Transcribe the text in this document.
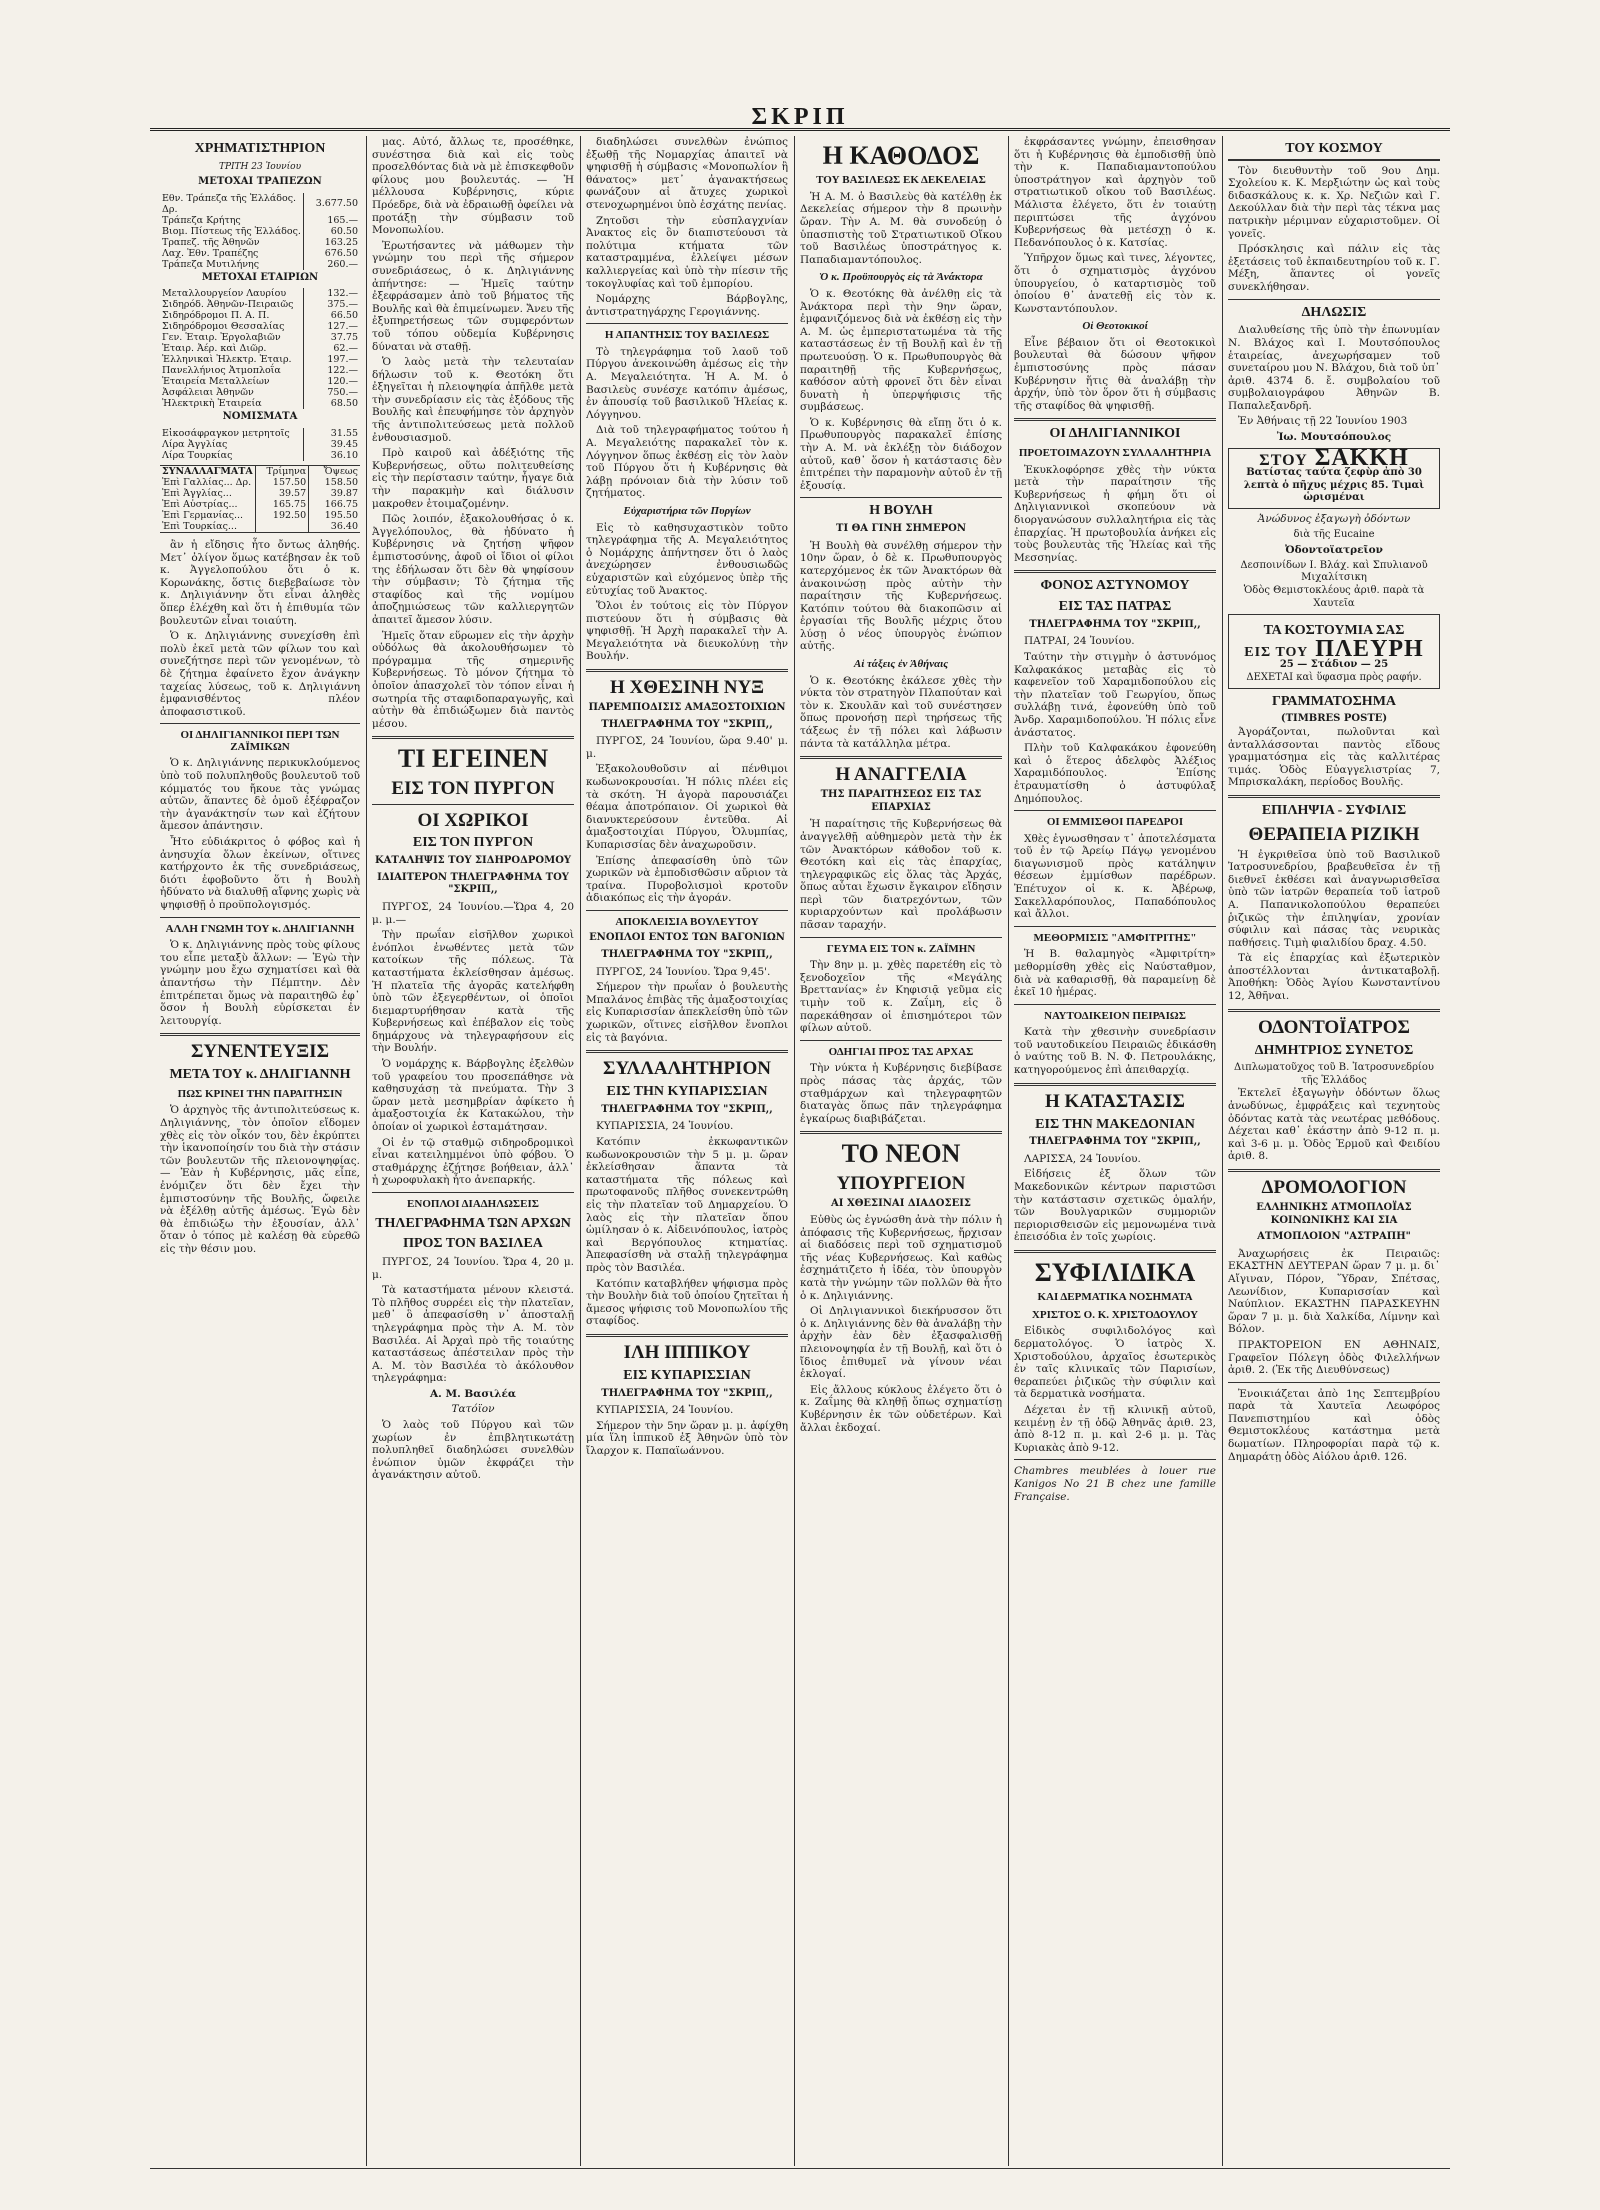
ΣΚΡΙΠ
ΧΡΗΜΑΤΙΣΤΗΡΙΟΝ
ΤΡΙΤΗ 23 Ἰουνίου
ΜΕΤΟΧΑΙ ΤΡΑΠΕΖΩΝ
Εθν. Τράπεζα τῆς Ἑλλάδος. Δρ.	3.677.50
Τράπεζα Κρήτης	165.—
Βιομ. Πίστεως τῆς Ἑλλάδος.	60.50
Τραπεζ. τῆς Ἀθηνῶν	163.25
Λαχ. Ἐθν. Τραπέζης	676.50
Τράπεζα Μυτιλήνης	260.—
ΜΕΤΟΧΑΙ ΕΤΑΙΡΙΩΝ
Μεταλλουργείον Λαυρίου	132.—
Σιδηρόδ. Ἀθηνῶν-Πειραιῶς	375.—
Σιδηρόδρομοι Π. Α. Π.	66.50
Σιδηρόδρομοι Θεσσαλίας	127.—
Γεν. Ἑταιρ. Ἐργολαβιῶν	37.75
Ἑταιρ. Ἀέρ. καὶ Διῶρ.	62.—
Ἑλληνικαὶ Ἠλεκτρ. Ἑταιρ.	197.—
Πανελλήνιος Ἀτμοπλοΐα	122.—
Ἑταιρεία Μεταλλείων	120.—
Ἀσφάλειαι Ἀθηνῶν	750.—
Ἠλεκτρικὴ Ἑταιρεία	68.50
ΝΟΜΙΣΜΑΤΑ
Εἰκοσάφραγκον μετρητοῖς	31.55
Λίρα Ἀγγλίας	39.45
Λίρα Τουρκίας	36.10
ΣΥΝΑΛΛΑΓΜΑΤΑ	Τρίμηνα	Ὄψεως
Ἐπὶ Γαλλίας... Δρ.	157.50	158.50
Ἐπὶ Ἀγγλίας...	39.57	39.87
Ἐπὶ Αὐστρίας...	165.75	166.75
Ἐπὶ Γερμανίας...	192.50	195.50
Ἐπὶ Τουρκίας...		36.40

ἂν ἡ εἴδησις ἦτο ὄντως ἀληθής. Μετ᾽ ὀλίγον ὅμως κατέβησαν ἐκ τοῦ κ. Ἀγγελοπούλου ὅτι ὁ κ. Κορωνάκης, ὅστις διεβεβαίωσε τὸν κ. Δηλιγιάννην ὅτι εἶναι ἀληθὲς ὅπερ ἐλέχθη καὶ ὅτι ἡ ἐπιθυμία τῶν βουλευτῶν εἶναι τοιαύτη.

Ὁ κ. Δηλιγιάννης συνεχίσθη ἐπὶ πολὺ ἐκεῖ μετὰ τῶν φίλων του καὶ συνεζήτησε περὶ τῶν γενομένων, τὸ δὲ ζήτημα ἐφαίνετο ἔχον ἀνάγκην ταχείας λύσεως, τοῦ κ. Δηλιγιάννη ἐμφανισθέντος πλέον ἀποφασιστικοῦ.

ΟΙ ΔΗΛΙΓΙΑΝΝΙΚΟΙ ΠΕΡΙ ΤΩΝ ΖΑΪΜΙΚΩΝ

Ὁ κ. Δηλιγιάννης περικυκλούμενος ὑπὸ τοῦ πολυπληθοῦς βουλευτοῦ τοῦ κόμματός του ἤκουε τὰς γνώμας αὐτῶν, ἅπαντες δὲ ὁμοῦ ἐξέφραζον τὴν ἀγανάκτησίν των καὶ ἐζήτουν ἄμεσον ἀπάντησιν.

Ἦτο εὐδιάκριτος ὁ φόβος καὶ ἡ ἀνησυχία ὅλων ἐκείνων, οἵτινες κατήρχοντο ἐκ τῆς συνεδριάσεως, διότι ἐφοβοῦντο ὅτι ἡ Βουλὴ ἠδύνατο νὰ διαλυθῇ αἴφνης χωρὶς νὰ ψηφισθῇ ὁ προϋπολογισμός.

ΑΛΛΗ ΓΝΩΜΗ ΤΟΥ κ. ΔΗΛΙΓΙΑΝΝΗ

Ὁ κ. Δηλιγιάννης πρὸς τοὺς φίλους του εἶπε μεταξὺ ἄλλων: — Ἐγὼ τὴν γνώμην μου ἔχω σχηματίσει καὶ θὰ ἀπαντήσω τὴν Πέμπτην. Δὲν ἐπιτρέπεται ὅμως νὰ παραιτηθῶ ἐφ᾽ ὅσον ἡ Βουλὴ εὑρίσκεται ἐν λειτουργίᾳ.

ΣΥΝΕΝΤΕΥΞΙΣ
ΜΕΤΑ ΤΟΥ κ. ΔΗΛΙΓΙΑΝΝΗ
ΠΩΣ ΚΡΙΝΕΙ ΤΗΝ ΠΑΡΑΙΤΗΣΙΝ

Ὁ ἀρχηγὸς τῆς ἀντιπολιτεύσεως κ. Δηλιγιάννης, τὸν ὁποῖον εἴδομεν χθὲς εἰς τὸν οἶκόν του, δὲν ἐκρύπτει τὴν ἱκανοποίησίν του διὰ τὴν στάσιν τῶν βουλευτῶν τῆς πλειονοψηφίας. — Ἐὰν ἡ Κυβέρνησις, μᾶς εἶπε, ἐνόμιζεν ὅτι δὲν ἔχει τὴν ἐμπιστοσύνην τῆς Βουλῆς, ὤφειλε νὰ ἐξέλθῃ αὐτῆς ἀμέσως. Ἐγὼ δὲν θὰ ἐπιδιώξω τὴν ἐξουσίαν, ἀλλ᾽ ὅταν ὁ τόπος μὲ καλέσῃ θὰ εὑρεθῶ εἰς τὴν θέσιν μου.

μας. Αὐτό, ἄλλως τε, προσέθηκε, συνέστησα διὰ καὶ εἰς τοὺς προσελθόντας διὰ νὰ μὲ ἐπισκεφθοῦν φίλους μου βουλευτάς. — Ἡ μέλλουσα Κυβέρνησις, κύριε Πρόεδρε, διὰ νὰ ἐδραιωθῇ ὀφείλει νὰ προτάξῃ τὴν σύμβασιν τοῦ Μονοπωλίου.

Ἐρωτήσαντες νὰ μάθωμεν τὴν γνώμην του περὶ τῆς σήμερον συνεδριάσεως, ὁ κ. Δηλιγιάννης ἀπήντησε: — Ἡμεῖς ταύτην ἐξεφράσαμεν ἀπὸ τοῦ βήματος τῆς Βουλῆς καὶ θὰ ἐπιμείνωμεν. Ἄνευ τῆς ἐξυπηρετήσεως τῶν συμφερόντων τοῦ τόπου οὐδεμία Κυβέρνησις δύναται νὰ σταθῇ.

Ὁ λαὸς μετὰ τὴν τελευταίαν δήλωσιν τοῦ κ. Θεοτόκη ὅτι ἐξηγεῖται ἡ πλειοψηφία ἀπῆλθε μετὰ τὴν συνεδρίασιν εἰς τὰς ἐξόδους τῆς Βουλῆς καὶ ἐπευφήμησε τὸν ἀρχηγὸν τῆς ἀντιπολιτεύσεως μετὰ πολλοῦ ἐνθουσιασμοῦ.

Πρὸ καιροῦ καὶ ἀδέξιότης τῆς Κυβερνήσεως, οὕτω πολιτευθείσης εἰς τὴν περίστασιν ταύτην, ἦγαγε διὰ τὴν παρακμὴν καὶ διάλυσιν μακροθεν ἑτοιμαζομένην.

Πῶς λοιπόν, ἐξακολουθήσας ὁ κ. Ἀγγελόπουλος, θὰ ἠδύνατο ἡ Κυβέρνησις νὰ ζητήσῃ ψῆφον ἐμπιστοσύνης, ἀφοῦ οἱ ἴδιοι οἱ φίλοι της ἐδήλωσαν ὅτι δὲν θὰ ψηφίσουν τὴν σύμβασιν; Τὸ ζήτημα τῆς σταφίδος καὶ τῆς νομίμου ἀποζημιώσεως τῶν καλλιεργητῶν ἀπαιτεῖ ἄμεσον λύσιν.

Ἡμεῖς ὅταν εὕρωμεν εἰς τὴν ἀρχὴν οὐδόλως θὰ ἀκολουθήσωμεν τὸ πρόγραμμα τῆς σημερινῆς Κυβερνήσεως. Τὸ μόνον ζήτημα τὸ ὁποῖον ἀπασχολεῖ τὸν τόπον εἶναι ἡ σωτηρία τῆς σταφιδοπαραγωγῆς, καὶ αὐτὴν θὰ ἐπιδιώξωμεν διὰ παντὸς μέσου.

ΤΙ ΕΓΕΙΝΕΝ
ΕΙΣ ΤΟΝ ΠΥΡΓΟΝ
ΟΙ ΧΩΡΙΚΟΙ
ΕΙΣ ΤΟΝ ΠΥΡΓΟΝ
ΚΑΤΑΛΗΨΙΣ ΤΟΥ ΣΙΔΗΡΟΔΡΟΜΟΥ
ΙΔΙΑΙΤΕΡΟΝ ΤΗΛΕΓΡΑΦΗΜΑ ΤΟΥ "ΣΚΡΙΠ,,

ΠΥΡΓΟΣ, 24 Ἰουνίου.—Ὥρα 4, 20 μ. μ.—

Τὴν πρωΐαν εἰσῆλθον χωρικοὶ ἐνόπλοι ἐνωθέντες μετὰ τῶν κατοίκων τῆς πόλεως. Τὰ καταστήματα ἐκλείσθησαν ἀμέσως. Ἡ πλατεῖα τῆς ἀγορᾶς κατελήφθη ὑπὸ τῶν ἐξεγερθέντων, οἱ ὁποῖοι διεμαρτυρήθησαν κατὰ τῆς Κυβερνήσεως καὶ ἐπέβαλον εἰς τοὺς δημάρχους νὰ τηλεγραφήσουν εἰς τὴν Βουλήν.

Ὁ νομάρχης κ. Βάρβογλης ἐξελθὼν τοῦ γραφείου του προσεπάθησε νὰ καθησυχάσῃ τὰ πνεύματα. Τὴν 3 ὥραν μετὰ μεσημβρίαν ἀφίκετο ἡ ἀμαξοστοιχία ἐκ Κατακώλου, τὴν ὁποίαν οἱ χωρικοὶ ἐσταμάτησαν.

Οἱ ἐν τῷ σταθμῷ σιδηροδρομικοὶ εἶναι κατειλημμένοι ὑπὸ φόβου. Ὁ σταθμάρχης ἐζήτησε βοήθειαν, ἀλλ᾽ ἡ χωροφυλακὴ ἦτο ἀνεπαρκής.

ΕΝΟΠΛΟΙ ΔΙΑΔΗΛΩΣΕΙΣ
ΤΗΛΕΓΡΑΦΗΜΑ ΤΩΝ ΑΡΧΩΝ
ΠΡΟΣ ΤΟΝ ΒΑΣΙΛΕΑ

ΠΥΡΓΟΣ, 24 Ἰουνίου. Ὥρα 4, 20 μ. μ.

Τὰ καταστήματα μένουν κλειστά. Τὸ πλῆθος συρρέει εἰς τὴν πλατεῖαν, μεθ᾽ ὃ ἀπεφασίσθη ν᾽ ἀποσταλῇ τηλεγράφημα πρὸς τὴν Α. Μ. τὸν Βασιλέα. Αἱ Ἀρχαὶ πρὸ τῆς τοιαύτης καταστάσεως ἀπέστειλαν πρὸς τὴν Α. Μ. τὸν Βασιλέα τὸ ἀκόλουθον τηλεγράφημα:

Α. Μ. Βασιλέα
Τατόϊον

Ὁ λαὸς τοῦ Πύργου καὶ τῶν χωρίων ἐν ἐπιβλητικωτάτῃ πολυπληθεῖ διαδηλώσει συνελθὼν ἐνώπιον ὑμῶν ἐκφράζει τὴν ἀγανάκτησιν αὐτοῦ.

διαδηλώσει συνελθὼν ἐνώπιος ἐξωθῇ τῆς Νομαρχίας ἀπαιτεῖ νὰ ψηφισθῇ ἡ σύμβασις «Μονοπωλίον ἢ θάνατος» μετ᾽ ἀγανακτήσεως φωνάζουν αἱ ἄτυχες χωρικοὶ στενοχωρημένοι ὑπὸ ἐσχάτης πενίας.

Ζητοῦσι τὴν εὐσπλαγχνίαν Ἀνακτος εἰς ὃν διαπιστεύουσι τὰ πολύτιμα κτήματα τῶν καταστραμμένα, ἐλλείψει μέσων καλλιεργείας καὶ ὑπὸ τὴν πίεσιν τῆς τοκογλυφίας καὶ τοῦ ἐμπορίου.

Νομάρχης Βάρβογλης, ἀντιστρατηγάρχης Γερογιάννης.

Η ΑΠΑΝΤΗΣΙΣ ΤΟΥ ΒΑΣΙΛΕΩΣ

Τὸ τηλεγράφημα τοῦ λαοῦ τοῦ Πύργου ἀνεκοινώθη ἀμέσως εἰς τὴν Α. Μεγαλειότητα. Ἡ Α. Μ. ὁ Βασιλεὺς συνέσχε κατόπιν ἀμέσως, ἐν ἀπουσίᾳ τοῦ βασιλικοῦ Ἠλείας κ. Λόγγηνου.

Διὰ τοῦ τηλεγραφήματος τούτου ἡ Α. Μεγαλειότης παρακαλεῖ τὸν κ. Λόγγηνον ὅπως ἐκθέσῃ εἰς τὸν λαὸν τοῦ Πύργου ὅτι ἡ Κυβέρνησις θὰ λάβῃ πρόνοιαν διὰ τὴν λύσιν τοῦ ζητήματος.

Εὐχαριστήρια τῶν Πυργίων

Εἰς τὸ καθησυχαστικὸν τοῦτο τηλεγράφημα τῆς Α. Μεγαλειότητος ὁ Νομάρχης ἀπήντησεν ὅτι ὁ λαὸς ἀνεχώρησεν ἐνθουσιωδῶς εὐχαριστῶν καὶ εὐχόμενος ὑπὲρ τῆς εὐτυχίας τοῦ Ἀνακτος.

Ὅλοι ἐν τούτοις εἰς τὸν Πύργον πιστεύουν ὅτι ἡ σύμβασις θὰ ψηφισθῇ. Ἡ Ἀρχὴ παρακαλεῖ τὴν Α. Μεγαλειότητα νὰ διευκολύνῃ τὴν Βουλήν.

Η ΧΘΕΣΙΝΗ ΝΥΞ
ΠΑΡΕΜΠΟΔΙΣΙΣ ΑΜΑΞΟΣΤΟΙΧΙΩΝ
ΤΗΛΕΓΡΑΦΗΜΑ ΤΟΥ "ΣΚΡΙΠ,,

ΠΥΡΓΟΣ, 24 Ἰουνίου, ὥρα 9.40' μ. μ.

Ἐξακολουθοῦσιν αἱ πένθιμοι κωδωνοκρουσίαι. Ἡ πόλις πλέει εἰς τὰ σκότη. Ἡ ἀγορὰ παρουσιάζει θέαμα ἀποτρόπαιον. Οἱ χωρικοὶ θὰ διανυκτερεύσουν ἐντεῦθα. Αἱ ἀμαξοστοιχίαι Πύργου, Ὀλυμπίας, Κυπαρισσίας δὲν ἀναχωροῦσιν.

Ἐπίσης ἀπεφασίσθη ὑπὸ τῶν χωρικῶν νὰ ἐμποδισθῶσιν αὔριον τὰ τραίνα. Πυροβολισμοὶ κροτοῦν ἀδιακόπως εἰς τὴν ἀγοράν.

ΑΠΟΚΛΕΙΣΙΑ ΒΟΥΛΕΥΤΟΥ
ΕΝΟΠΛΟΙ ΕΝΤΟΣ ΤΩΝ ΒΑΓΟΝΙΩΝ
ΤΗΛΕΓΡΑΦΗΜΑ ΤΟΥ "ΣΚΡΙΠ,,

ΠΥΡΓΟΣ, 24 Ἰουνίου. Ὥρα 9,45'.

Σήμερον τὴν πρωΐαν ὁ βουλευτὴς Μπαλάνος ἐπιβὰς τῆς ἀμαξοστοιχίας εἰς Κυπαρισσίαν ἀπεκλείσθη ὑπὸ τῶν χωρικῶν, οἵτινες εἰσῆλθον ἔνοπλοι εἰς τὰ βαγόνια.

ΣΥΛΛΑΛΗΤΗΡΙΟΝ
ΕΙΣ ΤΗΝ ΚΥΠΑΡΙΣΣΙΑΝ
ΤΗΛΕΓΡΑΦΗΜΑ ΤΟΥ "ΣΚΡΙΠ,,

ΚΥΠΑΡΙΣΣΙΑ, 24 Ἰουνίου.

Κατόπιν ἐκκωφαντικῶν κωδωνοκρουσιῶν τὴν 5 μ. μ. ὥραν ἐκλείσθησαν ἅπαντα τὰ καταστήματα τῆς πόλεως καὶ πρωτοφανοῦς πλῆθος συνεκεντρώθη εἰς τὴν πλατεῖαν τοῦ Δημαρχείου. Ὁ λαὸς εἰς τὴν πλατεῖαν ὅπου ὡμίλησαν ὁ κ. Αἰδεινόπουλος, ἰατρὸς καὶ Βεργόπουλος κτηματίας. Ἀπεφασίσθη νὰ σταλῇ τηλεγράφημα πρὸς τὸν Βασιλέα.

Κατόπιν καταβλήθεν ψήφισμα πρὸς τὴν Βουλὴν διὰ τοῦ ὁποίου ζητεῖται ἡ ἄμεσος ψήφισις τοῦ Μονοπωλίου τῆς σταφίδος.

ΙΛΗ ΙΠΠΙΚΟΥ
ΕΙΣ ΚΥΠΑΡΙΣΣΙΑΝ
ΤΗΛΕΓΡΑΦΗΜΑ ΤΟΥ "ΣΚΡΙΠ,,

ΚΥΠΑΡΙΣΣΙΑ, 24 Ἰουνίου.

Σήμερον τὴν 5ην ὥραν μ. μ. ἀφίχθη μία ἵλη ἱππικοῦ ἐξ Ἀθηνῶν ὑπὸ τὸν ἴλαρχον κ. Παπαϊωάννου.

Η ΚΑΘΟΔΟΣ
ΤΟΥ ΒΑΣΙΛΕΩΣ ΕΚ ΔΕΚΕΛΕΙΑΣ

Ἡ Α. Μ. ὁ Βασιλεὺς θὰ κατέλθῃ ἐκ Δεκελείας σήμερον τὴν 8 πρωινὴν ὥραν. Τὴν Α. Μ. θὰ συνοδεύῃ ὁ ὑπασπιστὴς τοῦ Στρατιωτικοῦ Οἴκου τοῦ Βασιλέως ὑποστράτηγος κ. Παπαδιαμαντόπουλος.

Ὁ κ. Προϋπουργὸς εἰς τὰ Ἀνάκτορα

Ὁ κ. Θεοτόκης θὰ ἀνέλθῃ εἰς τὰ Ἀνάκτορα περὶ τὴν 9ην ὥραν, ἐμφανιζόμενος διὰ νὰ ἐκθέσῃ εἰς τὴν Α. Μ. ὡς ἐμπεριστατωμένα τὰ τῆς καταστάσεως ἐν τῇ Βουλῇ καὶ ἐν τῇ πρωτευούσῃ. Ὁ κ. Πρωθυπουργὸς θὰ παραιτηθῇ τῆς Κυβερνήσεως, καθόσον αὐτὴ φρονεῖ ὅτι δὲν εἶναι δυνατὴ ἡ ὑπερψήφισις τῆς συμβάσεως.

Ὁ κ. Κυβέρνησις θὰ εἴπῃ ὅτι ὁ κ. Πρωθυπουργὸς παρακαλεῖ ἐπίσης τὴν Α. Μ. νὰ ἐκλέξῃ τὸν διάδοχον αὐτοῦ, καθ᾽ ὅσον ἡ κατάστασις δὲν ἐπιτρέπει τὴν παραμονὴν αὐτοῦ ἐν τῇ ἐξουσίᾳ.

Η ΒΟΥΛΗ
ΤΙ ΘΑ ΓΙΝΗ ΣΗΜΕΡΟΝ

Ἡ Βουλὴ θὰ συνέλθῃ σήμερον τὴν 10ην ὥραν, ὁ δὲ κ. Πρωθυπουργὸς κατερχόμενος ἐκ τῶν Ἀνακτόρων θὰ ἀνακοινώσῃ πρὸς αὐτὴν τὴν παραίτησιν τῆς Κυβερνήσεως. Κατόπιν τούτου θὰ διακοπῶσιν αἱ ἐργασίαι τῆς Βουλῆς μέχρις ὅτου λύσῃ ὁ νέος ὑπουργὸς ἐνώπιον αὐτῆς.

Αἱ τάξεις ἐν Ἀθήναις

Ὁ κ. Θεοτόκης ἐκάλεσε χθὲς τὴν νύκτα τὸν στρατηγὸν Πλαπούταν καὶ τὸν κ. Σκουλᾶν καὶ τοῦ συνέστησεν ὅπως προνοήσῃ περὶ τηρήσεως τῆς τάξεως ἐν τῇ πόλει καὶ λάβωσιν πάντα τὰ κατάλληλα μέτρα.

Η ΑΝΑΓΓΕΛΙΑ
ΤΗΣ ΠΑΡΑΙΤΗΣΕΩΣ ΕΙΣ ΤΑΣ ΕΠΑΡΧΙΑΣ

Ἡ παραίτησις τῆς Κυβερνήσεως θὰ ἀναγγελθῇ αὐθημερὸν μετὰ τὴν ἐκ τῶν Ἀνακτόρων κάθοδον τοῦ κ. Θεοτόκη καὶ εἰς τὰς ἐπαρχίας, τηλεγραφικῶς εἰς ὅλας τὰς Ἀρχάς, ὅπως αὗται ἔχωσιν ἔγκαιρον εἴδησιν περὶ τῶν διατρεχόντων, τῶν κυριαρχούντων καὶ προλάβωσιν πᾶσαν ταραχήν.

ΓΕΥΜΑ ΕΙΣ ΤΟΝ κ. ΖΑΪΜΗΝ

Τὴν 8ην μ. μ. χθὲς παρετέθη εἰς τὸ ξενοδοχεῖον τῆς «Μεγάλης Βρεττανίας» ἐν Κηφισιᾷ γεῦμα εἰς τιμὴν τοῦ κ. Ζαΐμη, εἰς ὃ παρεκάθησαν οἱ ἐπισημότεροι τῶν φίλων αὐτοῦ.

ΟΔΗΓΙΑΙ ΠΡΟΣ ΤΑΣ ΑΡΧΑΣ

Τὴν νύκτα ἡ Κυβέρνησις διεβίβασε πρὸς πάσας τὰς ἀρχάς, τῶν σταθμάρχων καὶ τηλεγραφητῶν διαταγὰς ὅπως πᾶν τηλεγράφημα ἐγκαίρως διαβιβάζεται.

ΤΟ ΝΕΟΝ
ΥΠΟΥΡΓΕΙΟΝ
ΑΙ ΧΘΕΣΙΝΑΙ ΔΙΑΔΟΣΕΙΣ

Εὐθὺς ὡς ἐγνώσθη ἀνὰ τὴν πόλιν ἡ ἀπόφασις τῆς Κυβερνήσεως, ἤρχισαν αἱ διαδόσεις περὶ τοῦ σχηματισμοῦ τῆς νέας Κυβερνήσεως. Καὶ καθὼς ἐσχημάτιζετο ἡ ἰδέα, τὸν ὑπουργὸν κατὰ τὴν γνώμην τῶν πολλῶν θὰ ἦτο ὁ κ. Δηλιγιάννης.

Οἱ Δηλιγιαννικοὶ διεκήρυσσον ὅτι ὁ κ. Δηλιγιάννης δὲν θὰ ἀναλάβῃ τὴν ἀρχὴν ἐὰν δὲν ἐξασφαλισθῇ πλειονοψηφία ἐν τῇ Βουλῇ, καὶ ὅτι ὁ ἴδιος ἐπιθυμεῖ νὰ γίνουν νέαι ἐκλογαί.

Εἰς ἄλλους κύκλους ἐλέγετο ὅτι ὁ κ. Ζαΐμης θὰ κληθῇ ὅπως σχηματίσῃ Κυβέρνησιν ἐκ τῶν οὐδετέρων. Καὶ ἄλλαι ἐκδοχαί.

ἐκφράσαντες γνώμην, ἐπεισθησαν ὅτι ἡ Κυβέρνησις θὰ ἐμποδισθῇ ὑπὸ τὴν κ. Παπαδιαμαντοπούλου ὑποστράτηγον καὶ ἀρχηγὸν τοῦ στρατιωτικοῦ οἴκου τοῦ Βασιλέως. Μάλιστα ἐλέγετο, ὅτι ἐν τοιαύτῃ περιπτώσει τῆς ἀγχόνου Κυβερνήσεως θὰ μετέσχῃ ὁ κ. Πεδανόπουλος ὁ κ. Κατσίας.

Ὑπῆρχον ὅμως καὶ τινες, λέγοντες, ὅτι ὁ σχηματισμὸς ἀγχόνου ὑπουργείου, ὁ καταρτισμὸς τοῦ ὁποίου θ᾽ ἀνατεθῇ εἰς τὸν κ. Κωνσταντόπουλον.

Οἱ Θεοτοκικοί

Εἶνε βέβαιον ὅτι οἱ Θεοτοκικοὶ βουλευταὶ θὰ δώσουν ψῆφον ἐμπιστοσύνης πρὸς πάσαν Κυβέρνησιν ἥτις θὰ ἀναλάβῃ τὴν ἀρχήν, ὑπὸ τὸν ὅρον ὅτι ἡ σύμβασις τῆς σταφίδος θὰ ψηφισθῇ.

ΟΙ ΔΗΛΙΓΙΑΝΝΙΚΟΙ
ΠΡΟΕΤΟΙΜΑΖΟΥΝ ΣΥΛΛΑΛΗΤΗΡΙΑ

Ἐκυκλοφόρησε χθὲς τὴν νύκτα μετὰ τὴν παραίτησιν τῆς Κυβερνήσεως ἡ φήμη ὅτι οἱ Δηλιγιαννικοὶ σκοπεύουν νὰ διοργανώσουν συλλαλητήρια εἰς τὰς ἐπαρχίας. Ἡ πρωτοβουλία ἀνήκει εἰς τοὺς βουλευτὰς τῆς Ἠλείας καὶ τῆς Μεσσηνίας.

ΦΟΝΟΣ ΑΣΤΥΝΟΜΟΥ
ΕΙΣ ΤΑΣ ΠΑΤΡΑΣ
ΤΗΛΕΓΡΑΦΗΜΑ ΤΟΥ "ΣΚΡΙΠ,,

ΠΑΤΡΑΙ, 24 Ἰουνίου.

Ταύτην τὴν στιγμὴν ὁ ἀστυνόμος Καλφακάκος μεταβὰς εἰς τὸ καφενεῖον τοῦ Χαραμιδοπούλου εἰς τὴν πλατεῖαν τοῦ Γεωργίου, ὅπως συλλάβῃ τινά, ἐφονεύθη ὑπὸ τοῦ Ἀνδρ. Χαραμιδοπούλου. Ἡ πόλις εἶνε ἀνάστατος.

Πλὴν τοῦ Καλφακάκου ἐφονεύθη καὶ ὁ ἕτερος ἀδελφὸς Ἀλέξιος Χαραμιδόπουλος. Ἐπίσης ἐτραυματίσθη ὁ ἀστυφύλαξ Δημόπουλος.

ΟΙ ΕΜΜΙΣΘΟΙ ΠΑΡΕΔΡΟΙ

Χθὲς ἐγνωσθησαν τ᾽ ἀποτελέσματα τοῦ ἐν τῷ Ἀρείῳ Πάγῳ γενομένου διαγωνισμοῦ πρὸς κατάληψιν θέσεων ἐμμίσθων παρέδρων. Ἐπέτυχον οἱ κ. κ. Ἀβέρωφ, Σακελλαρόπουλος, Παπαδόπουλος καὶ ἄλλοι.

ΜΕΘΟΡΜΙΣΙΣ "ΑΜΦΙΤΡΙΤΗΣ"

Ἡ Β. θαλαμηγὸς «Ἀμφιτρίτη» μεθορμίσθη χθὲς εἰς Ναύσταθμον, διὰ νὰ καθαρισθῇ, θὰ παραμείνῃ δὲ ἐκεῖ 10 ἡμέρας.

ΝΑΥΤΟΔΙΚΕΙΟΝ ΠΕΙΡΑΙΩΣ

Κατὰ τὴν χθεσινὴν συνεδρίασιν τοῦ ναυτοδικείου Πειραιῶς ἐδικάσθη ὁ ναύτης τοῦ Β. Ν. Φ. Πετρουλάκης, κατηγορούμενος ἐπὶ ἀπειθαρχίᾳ.

Η ΚΑΤΑΣΤΑΣΙΣ
ΕΙΣ ΤΗΝ ΜΑΚΕΔΟΝΙΑΝ
ΤΗΛΕΓΡΑΦΗΜΑ ΤΟΥ "ΣΚΡΙΠ,,

ΛΑΡΙΣΣΑ, 24 Ἰουνίου.

Εἰδήσεις ἐξ ὅλων τῶν Μακεδονικῶν κέντρων παριστῶσι τὴν κατάστασιν σχετικῶς ὁμαλήν, τῶν Βουλγαρικῶν συμμοριῶν περιορισθεισῶν εἰς μεμονωμένα τινὰ ἐπεισόδια ἐν τοῖς χωρίοις.

ΣΥΦΙΛΙΔΙΚΑ
ΚΑΙ ΔΕΡΜΑΤΙΚΑ ΝΟΣΗΜΑΤΑ
ΧΡΙΣΤΟΣ Ο. Κ. ΧΡΙΣΤΟΔΟΥΛΟΥ

Εἰδικὸς συφιλιδολόγος καὶ δερματολόγος. Ὁ ἰατρὸς Χ. Χριστοδούλου, ἀρχαῖος ἐσωτερικὸς ἐν ταῖς κλινικαῖς τῶν Παρισίων, θεραπεύει ῥιζικῶς τὴν σύφιλιν καὶ τὰ δερματικὰ νοσήματα.

Δέχεται ἐν τῇ κλινικῇ αὐτοῦ, κειμένῃ ἐν τῇ ὁδῷ Ἀθηνᾶς ἀριθ. 23, ἀπὸ 8-12 π. μ. καὶ 2-6 μ. μ. Τὰς Κυριακὰς ἀπὸ 9-12.

Chambres meublées à louer rue Kanigos No 21 B chez une famille Française.

ΤΟΥ ΚΟΣΜΟΥ

Τὸν διευθυντὴν τοῦ 9ου Δημ. Σχολείου κ. Κ. Μερξιώτην ὡς καὶ τοὺς διδασκάλους κ. κ. Χρ. Νεζιῶν καὶ Γ. Δεκούλλαν διὰ τὴν περὶ τὰς τέκνα μας πατρικὴν μέριμναν εὐχαριστοῦμεν. Οἱ γονεῖς.

Πρόσκλησις καὶ πάλιν εἰς τὰς ἐξετάσεις τοῦ ἐκπαιδευτηρίου τοῦ κ. Γ. Μέξη, ἅπαντες οἱ γονεῖς συνεκλήθησαν.

ΔΗΛΩΣΙΣ

Διαλυθείσης τῆς ὑπὸ τὴν ἐπωνυμίαν Ν. Βλάχος καὶ Ι. Μουτσόπουλος ἑταιρείας, ἀνεχωρήσαμεν τοῦ συνεταίρου μου Ν. Βλάχου, διὰ τοῦ ὑπ᾽ ἀριθ. 4374 δ. ἔ. συμβολαίου τοῦ συμβολαιογράφου Ἀθηνῶν Β. Παπαλεξανδρῆ.

Ἐν Ἀθήναις τῇ 22 Ἰουνίου 1903

Ἰω. Μουτσόπουλος
ΣΤΟΥ ΣΑΚΚΗ
Βατίστας ταύτα ζεφὺρ ἀπὸ 30 λεπτὰ ὁ πῆχυς μέχρις 85. Τιμαὶ ὡρισμέναι
Ἀνώδυνος ἐξαγωγὴ ὀδόντων
διὰ τῆς Eucaine
Ὀδοντοϊατρεῖον
Δεσποινίδων Ι. Βλάχ. καὶ Σπυλιανοῦ Μιχαλίτσικη
Ὁδὸς Θεμιστοκλέους ἀριθ. παρὰ τὰ Χαυτεῖα
ΤΑ ΚΟΣΤΟΥΜΙΑ ΣΑΣ
ΕΙΣ ΤΟΥ ΠΛΕΥΡΗ
25 — Στάδιον — 25
ΔΕΧΕΤΑΙ καὶ ὕφασμα πρὸς ραφήν.
ΓΡΑΜΜΑΤΟΣΗΜΑ
(TIMBRES POSTE)

Ἀγοράζονται, πωλοῦνται καὶ ἀνταλλάσσονται παντὸς εἴδους γραμματόσημα εἰς τὰς καλλιτέρας τιμάς. Ὁδὸς Εὐαγγελιστρίας 7, Μπρισκαλάκη, περίοδος Βουλῆς.

ΕΠΙΛΗΨΙΑ - ΣΥΦΙΛΙΣ
ΘΕΡΑΠΕΙΑ ΡΙΖΙΚΗ

Ἡ ἐγκριθεῖσα ὑπὸ τοῦ Βασιλικοῦ Ἰατροσυνεδρίου, βραβευθεῖσα ἐν τῇ διεθνεῖ ἐκθέσει καὶ ἀναγνωρισθεῖσα ὑπὸ τῶν ἰατρῶν θεραπεία τοῦ ἰατροῦ Α. Παπανικολοπούλου θεραπεύει ῥιζικῶς τὴν ἐπιληψίαν, χρονίαν σύφιλιν καὶ πάσας τὰς νευρικὰς παθήσεις. Τιμὴ φιαλιδίου δραχ. 4.50.

Τὰ εἰς ἐπαρχίας καὶ ἐξωτερικὸν ἀποστέλλονται ἀντικαταβολῇ. Ἀποθήκη: Ὁδὸς Ἁγίου Κωνσταντίνου 12, Ἀθῆναι.

ΟΔΟΝΤΟΪΑΤΡΟΣ
ΔΗΜΗΤΡΙΟΣ ΣΥΝΕΤΟΣ
Διπλωματοῦχος τοῦ Β. Ἰατροσυνεδρίου τῆς Ἑλλάδος

Ἐκτελεῖ ἐξαγωγὴν ὀδόντων ὅλως ἀνωδύνως, ἐμφράξεις καὶ τεχνητοὺς ὀδόντας κατὰ τὰς νεωτέρας μεθόδους. Δέχεται καθ᾽ ἑκάστην ἀπὸ 9-12 π. μ. καὶ 3-6 μ. μ. Ὁδὸς Ἑρμοῦ καὶ Φειδίου ἀριθ. 8.

ΔΡΟΜΟΛΟΓΙΟΝ
ΕΛΛΗΝΙΚΗΣ ΑΤΜΟΠΛΟΪΑΣ ΚΟΙΝΩΝΙΚΗΣ ΚΑΙ ΣΙΑ
ΑΤΜΟΠΛΟΙΟΝ "ΑΣΤΡΑΠΗ"

Ἀναχωρήσεις ἐκ Πειραιῶς: ΕΚΑΣΤΗΝ ΔΕΥΤΕΡΑΝ ὥραν 7 μ. μ. δι᾽ Αἴγιναν, Πόρον, Ὕδραν, Σπέτσας, Λεωνίδιον, Κυπαρισσίαν καὶ Ναύπλιον. ΕΚΑΣΤΗΝ ΠΑΡΑΣΚΕΥΗΝ ὥραν 7 μ. μ. διὰ Χαλκίδα, Λίμνην καὶ Βόλον.

ΠΡΑΚΤΟΡΕΙΟΝ ΕΝ ΑΘΗΝΑΙΣ, Γραφεῖον Πόλεγη ὁδὸς Φιλελλήνων ἀριθ. 2. (Ἐκ τῆς Διευθύνσεως)

Ἐνοικιάζεται ἀπὸ 1ης Σεπτεμβρίου παρὰ τὰ Χαυτεῖα Λεωφόρος Πανεπιστημίου καὶ ὁδὸς Θεμιστοκλέους κατάστημα μετὰ δωματίων. Πληροφορίαι παρὰ τῷ κ. Δημαράτῃ ὁδὸς Αἰόλου ἀριθ. 126.
